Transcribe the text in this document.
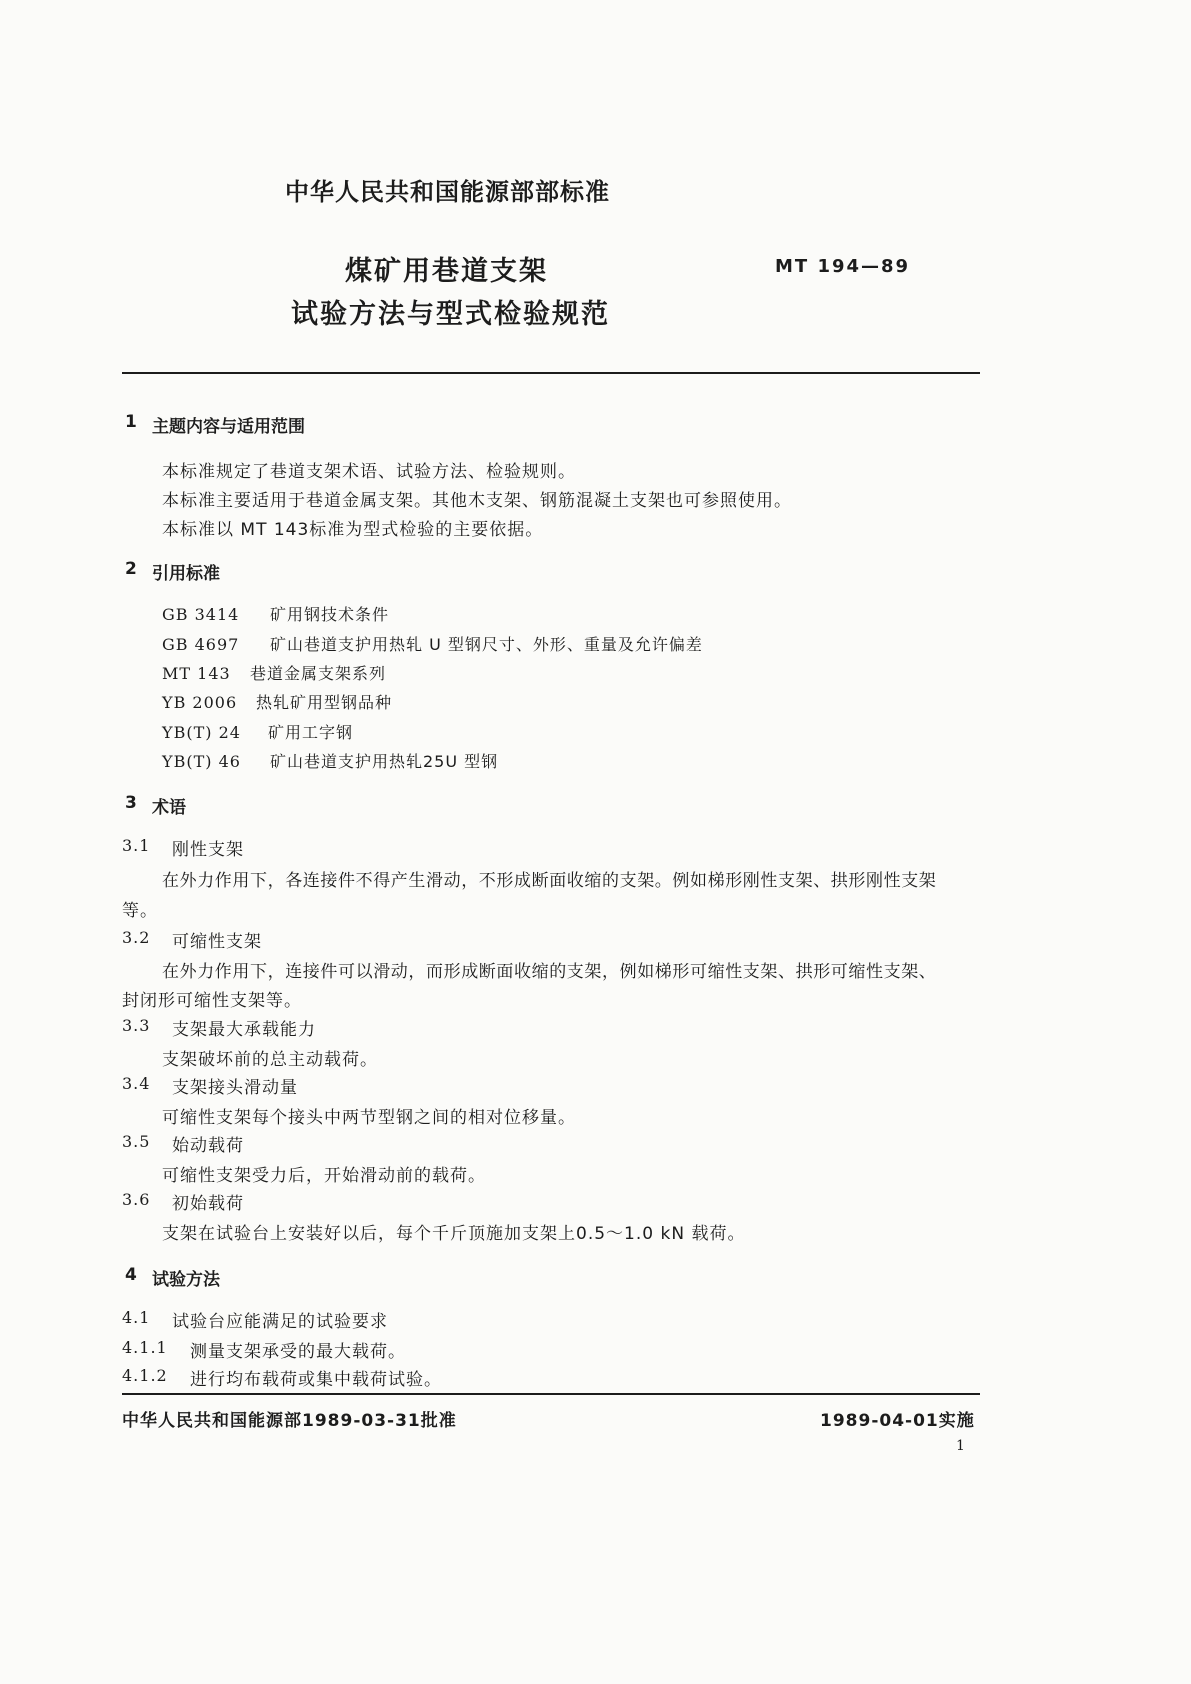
中华人民共和国能源部部标准
煤矿用巷道支架
试验方法与型式检验规范
MT 194—89
1 主题内容与适用范围
本标准规定了巷道支架术语、试验方法、检验规则。
本标准主要适用于巷道金属支架。其他木支架、钢筋混凝土支架也可参照使用。
本标准以 MT 143标准为型式检验的主要依据。
2 引用标准
GB 3414 矿用钢技术条件
GB 4697 矿山巷道支护用热轧 U 型钢尺寸、外形、重量及允许偏差
MT 143 巷道金属支架系列
YB 2006 热轧矿用型钢品种
YB(T) 24 矿用工字钢
YB(T) 46 矿山巷道支护用热轧25U 型钢
3 术语
3.1 刚性支架
在外力作用下，各连接件不得产生滑动，不形成断面收缩的支架。例如梯形刚性支架、拱形刚性支架
等。
3.2 可缩性支架
在外力作用下，连接件可以滑动，而形成断面收缩的支架，例如梯形可缩性支架、拱形可缩性支架、
封闭形可缩性支架等。
3.3 支架最大承载能力
支架破坏前的总主动载荷。
3.4 支架接头滑动量
可缩性支架每个接头中两节型钢之间的相对位移量。
3.5 始动载荷
可缩性支架受力后，开始滑动前的载荷。
3.6 初始载荷
支架在试验台上安装好以后，每个千斤顶施加支架上0.5～1.0 kN 载荷。
4 试验方法
4.1 试验台应能满足的试验要求
4.1.1 测量支架承受的最大载荷。
4.1.2 进行均布载荷或集中载荷试验。
中华人民共和国能源部1989-03-31批准	1989-04-01实施
1
